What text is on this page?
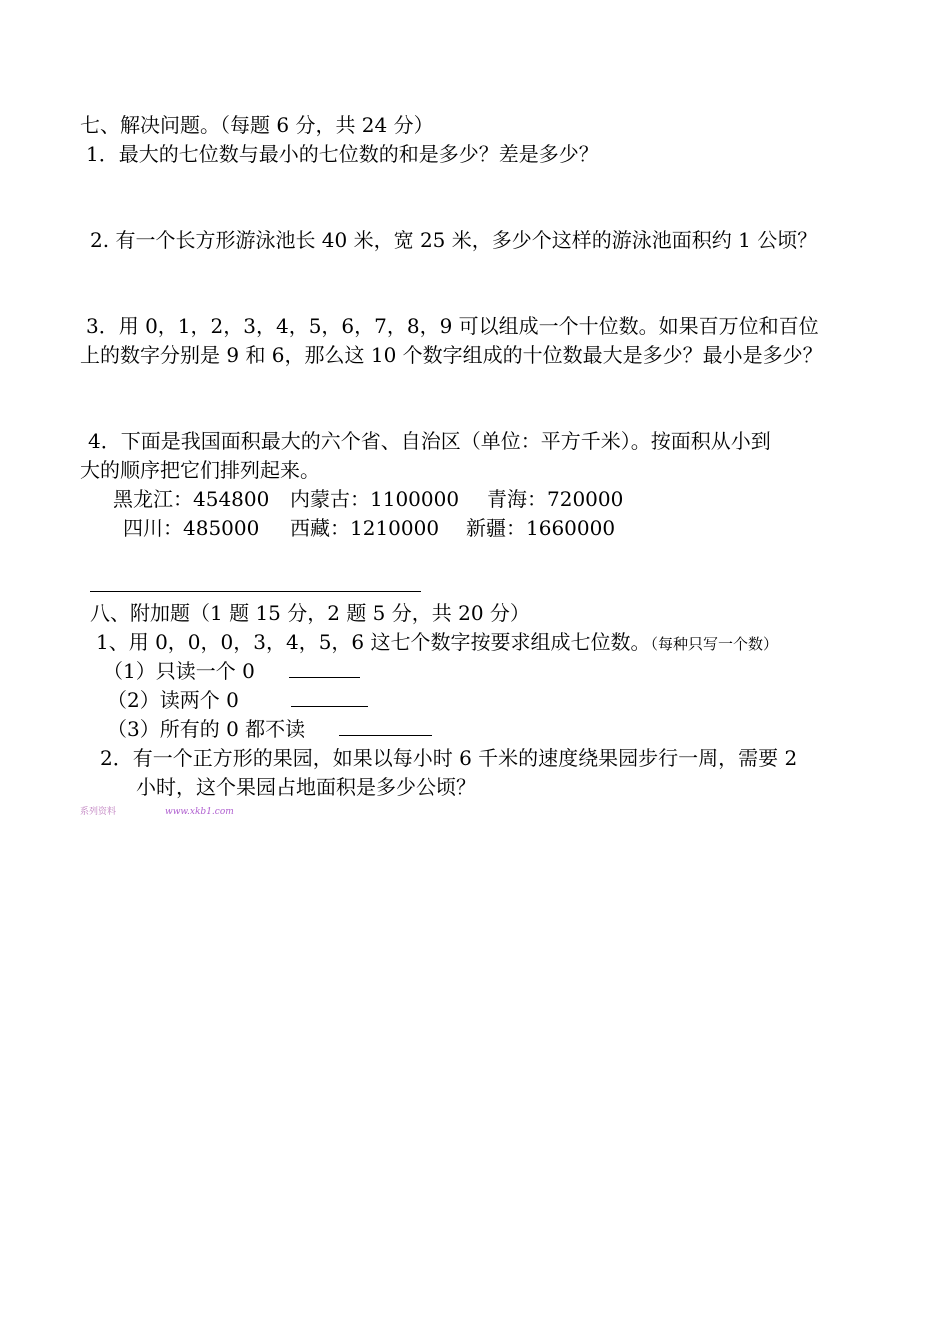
七、解决问题。（每题 6 分，共 24 分）
1．最大的七位数与最小的七位数的和是多少？差是多少？
2. 有一个长方形游泳池长 40 米，宽 25 米，多少个这样的游泳池面积约 1 公顷？
3．用 0，1，2，3，4，5，6，7，8，9 可以组成一个十位数。如果百万位和百位
上的数字分别是 9 和 6，那么这 10 个数字组成的十位数最大是多少？最小是多少？
4．下面是我国面积最大的六个省、自治区（单位：平方千米）。按面积从小到
大的顺序把它们排列起来。
黑龙江：454800 内蒙古：1100000 青海：720000
四川：485000 西藏：1210000 新疆：1660000
八、附加题（1 题 15 分，2 题 5 分，共 20 分）
1、用 0，0，0，3，4，5，6 这七个数字按要求组成七位数。（每种只写一个数）
（1）只读一个 0
（2）读两个 0
（3）所有的 0 都不读
2．有一个正方形的果园，如果以每小时 6 千米的速度绕果园步行一周，需要 2
小时，这个果园占地面积是多少公顷？
系列资料	www.xkb1.com
